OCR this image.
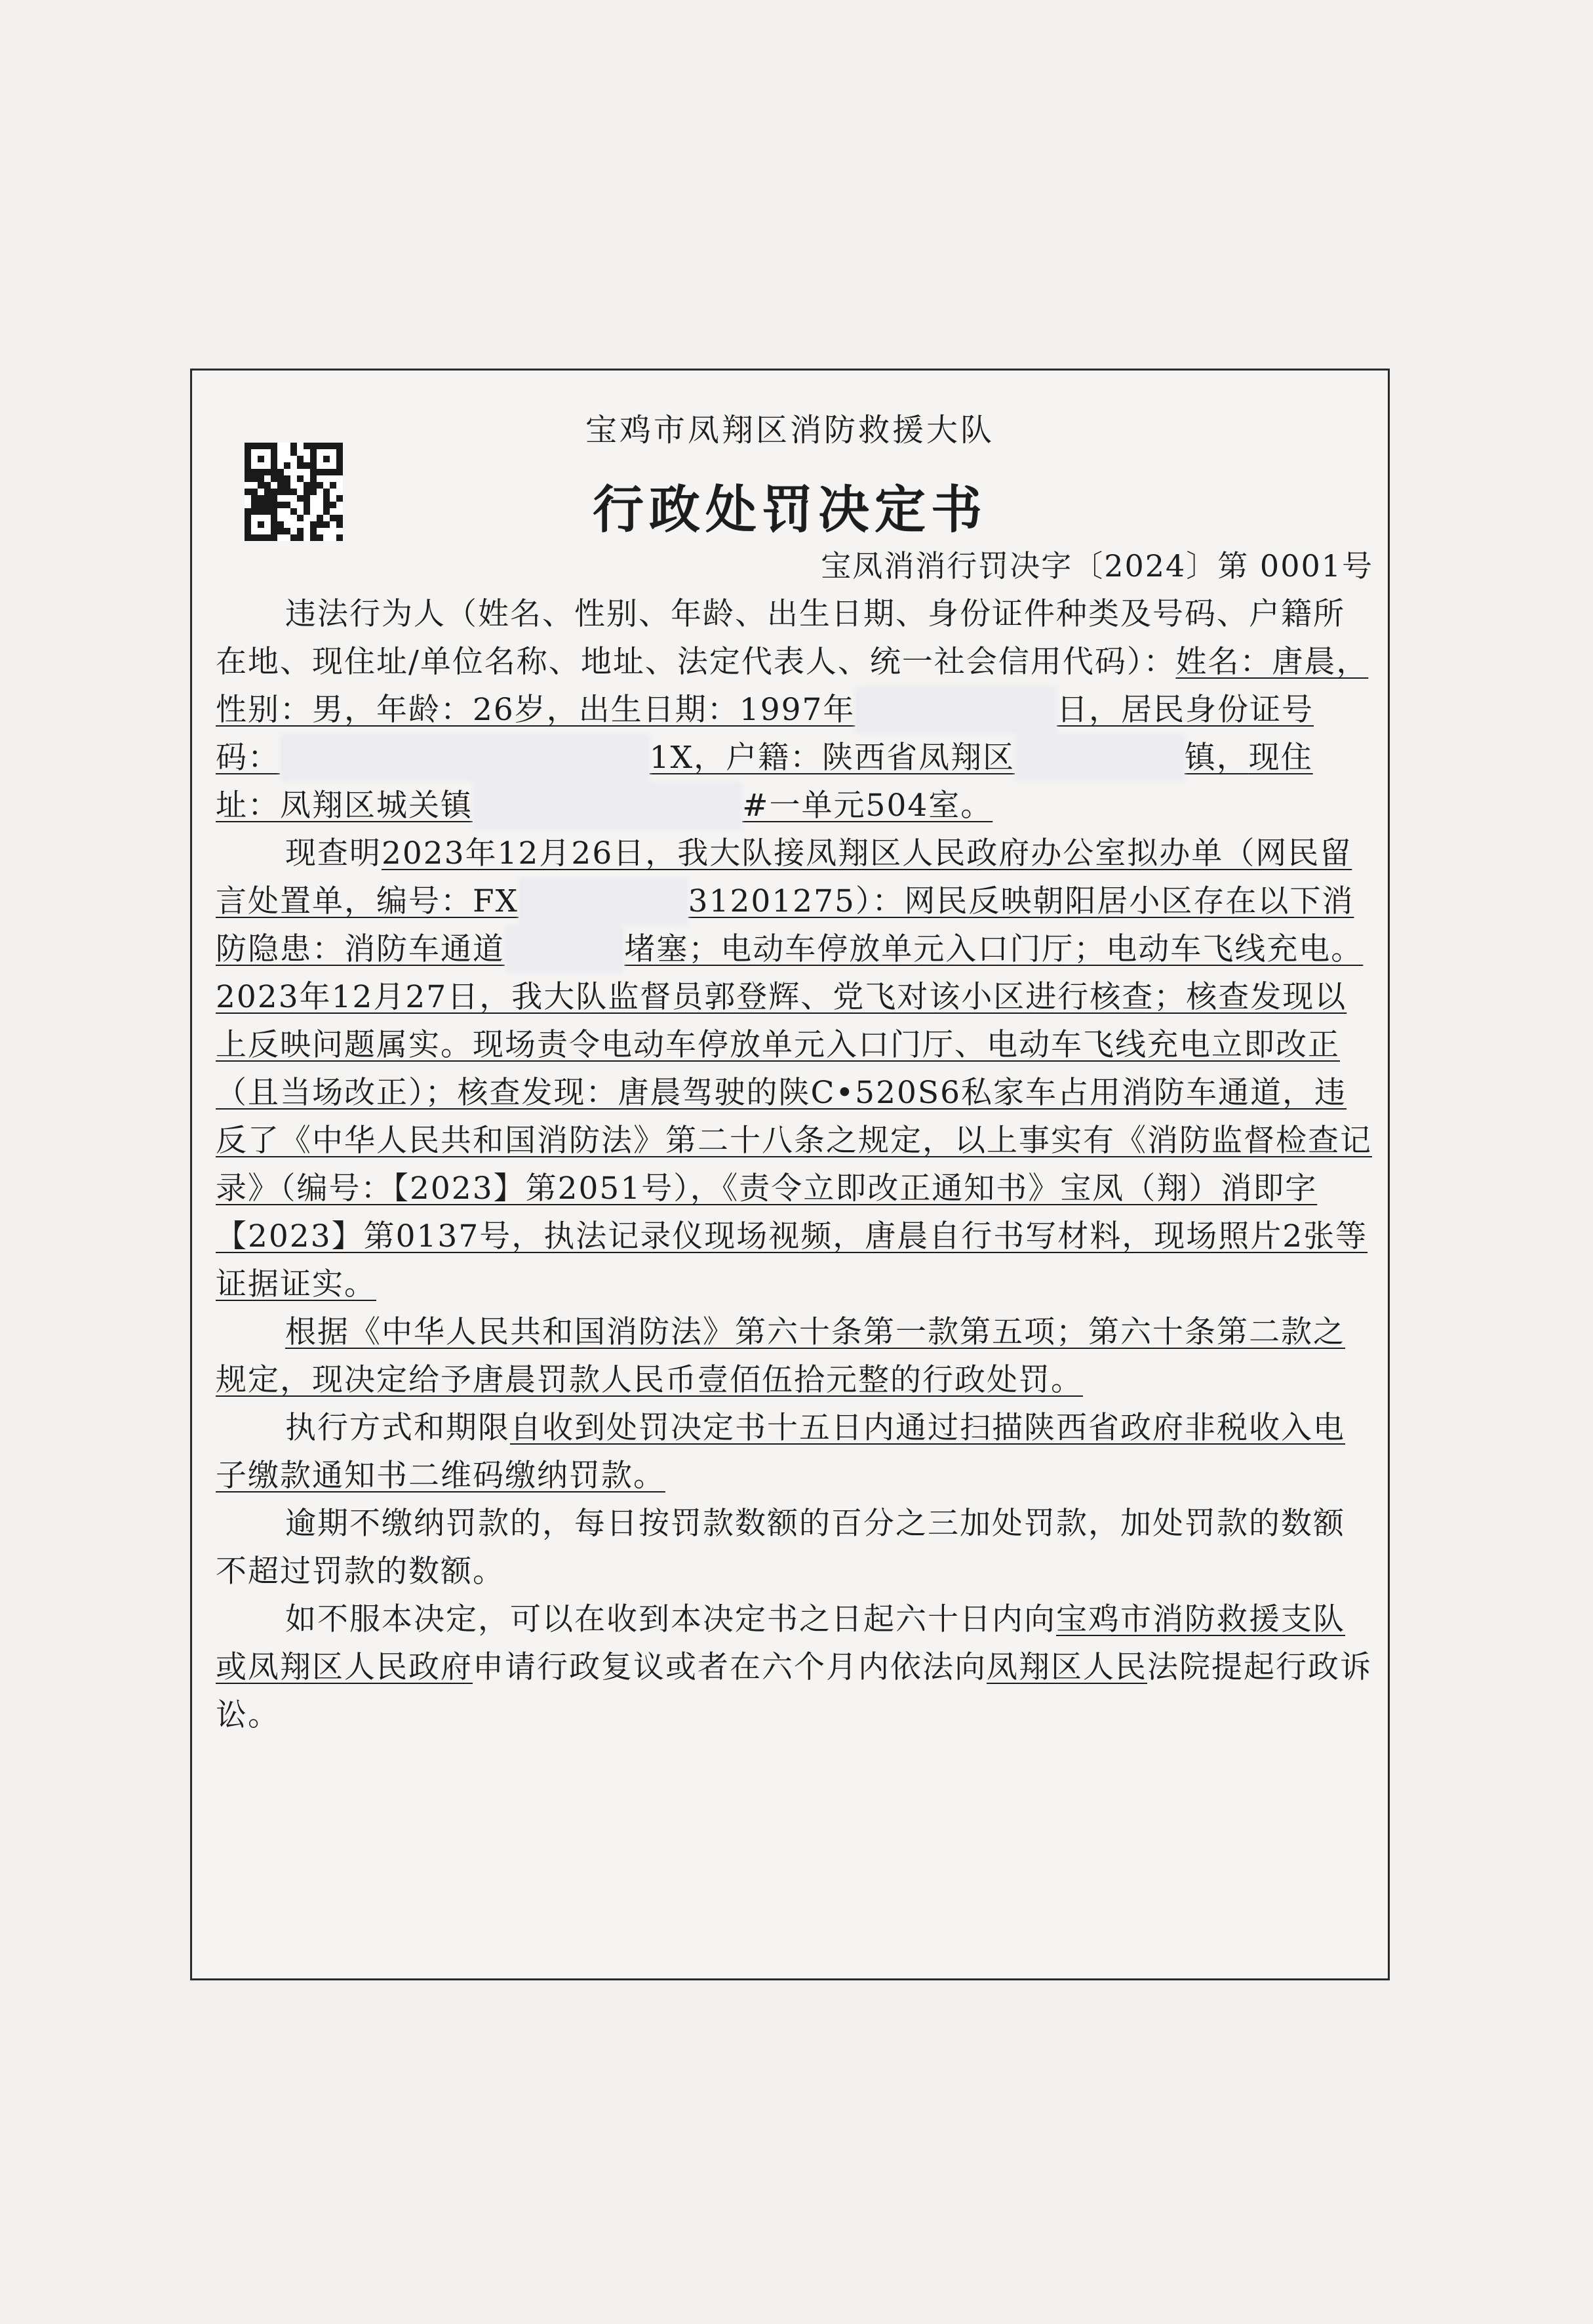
宝鸡市凤翔区消防救援大队
行政处罚决定书
宝凤消消行罚决字〔2024〕第 0001号

违法行为人（姓名、性别、年龄、出生日期、身份证件种类及号码、户籍所在地、现住址/单位名称、地址、法定代表人、统一社会信用代码）：姓名：唐晨，性别：男，年龄：26岁，出生日期：1997年	日，居民身份证号码：	1X，户籍：陕西省凤翔区	镇，现住址：凤翔区城关镇	#一单元504室。

现查明2023年12月26日，我大队接凤翔区人民政府办公室拟办单（网民留言处置单，编号：FX	31201275）：网民反映朝阳居小区存在以下消防隐患：消防车通道	堵塞；电动车停放单元入口门厅；电动车飞线充电。

2023年12月27日，我大队监督员郭登辉、党飞对该小区进行核查；核查发现以上反映问题属实。现场责令电动车停放单元入口门厅、电动车飞线充电立即改正（且当场改正）；核查发现：唐晨驾驶的陕C•520S6私家车占用消防车通道，违反了《中华人民共和国消防法》第二十八条之规定，以上事实有《消防监督检查记录》（编号：【2023】第2051号），《责令立即改正通知书》宝凤（翔）消即字【2023】第0137号，执法记录仪现场视频，唐晨自行书写材料，现场照片2张等证据证实。

根据《中华人民共和国消防法》第六十条第一款第五项；第六十条第二款之规定，现决定给予唐晨罚款人民币壹佰伍拾元整的行政处罚。

执行方式和期限自收到处罚决定书十五日内通过扫描陕西省政府非税收入电子缴款通知书二维码缴纳罚款。

逾期不缴纳罚款的，每日按罚款数额的百分之三加处罚款，加处罚款的数额不超过罚款的数额。

如不服本决定，可以在收到本决定书之日起六十日内向宝鸡市消防救援支队或凤翔区人民政府申请行政复议或者在六个月内依法向凤翔区人民法院提起行政诉讼。
